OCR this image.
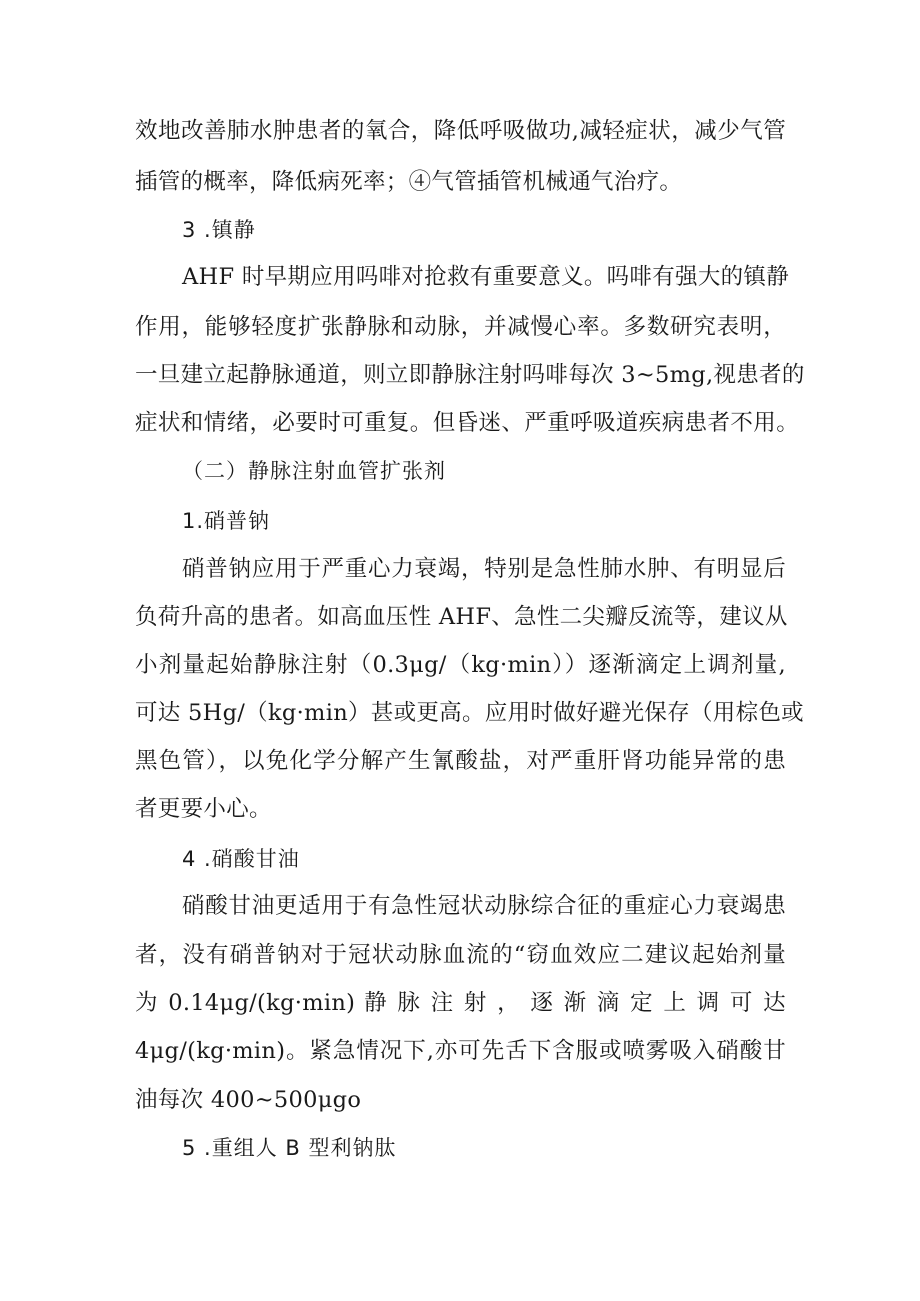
效地改善肺水肿患者的氧合，降低呼吸做功,减轻症状，减少气管
插管的概率，降低病死率；④气管插管机械通气治疗。
3 .镇静
AHF 时早期应用吗啡对抢救有重要意义。吗啡有强大的镇静
作用，能够轻度扩张静脉和动脉，并减慢心率。多数研究表明，
一旦建立起静脉通道，则立即静脉注射吗啡每次 3~5mg,视患者的
症状和情绪，必要时可重复。但昏迷、严重呼吸道疾病患者不用。
（二）静脉注射血管扩张剂
1.硝普钠
硝普钠应用于严重心力衰竭，特别是急性肺水肿、有明显后
负荷升高的患者。如高血压性 AHF、急性二尖瓣反流等，建议从
小剂量起始静脉注射（0.3μg/（kg·min））逐渐滴定上调剂量,
可达 5Hg/（kg·min）甚或更高。应用时做好避光保存（用棕色或
黑色管），以免化学分解产生氰酸盐，对严重肝肾功能异常的患
者更要小心。
4 .硝酸甘油
硝酸甘油更适用于有急性冠状动脉综合征的重症心力衰竭患
者，没有硝普钠对于冠状动脉血流的“窃血效应二建议起始剂量
为 0.14μg/(kg·min) 静 脉 注 射 ， 逐 渐 滴 定 上 调 可 达
4μg/(kg·min)。紧急情况下,亦可先舌下含服或喷雾吸入硝酸甘
油每次 400~500μgo
5 .重组人 B 型利钠肽
